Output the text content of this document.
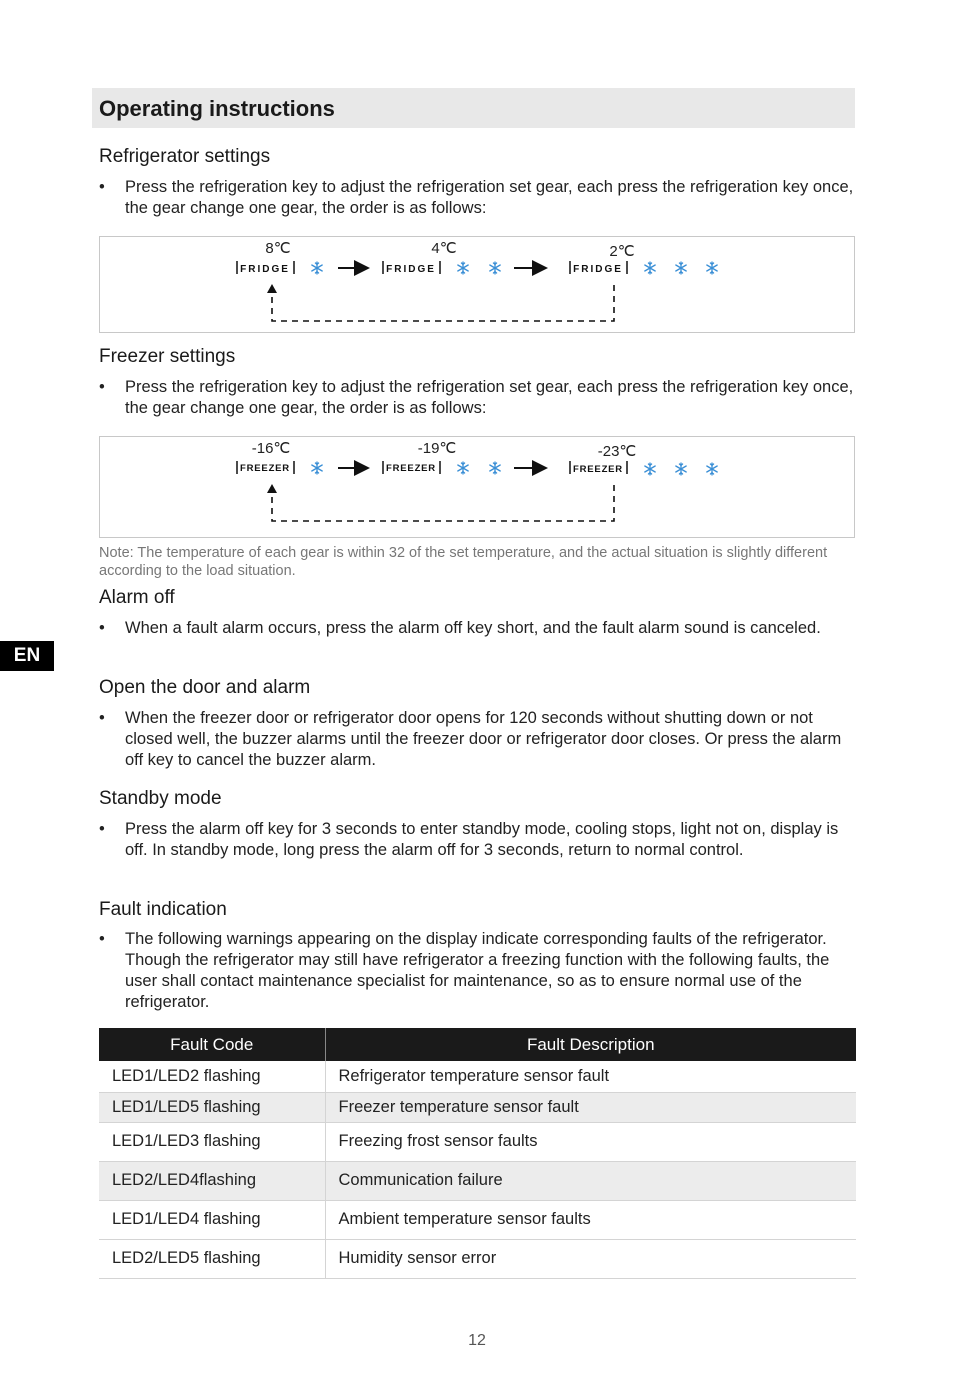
EN
Operating instructions
Refrigerator settings
• Press the refrigeration key to adjust the refrigeration set gear, each press the refrigeration key once, the gear change one gear, the order is as follows:
8℃	4℃	2℃
FRIDGE	FRIDGE	FRIDGE
Freezer settings
• Press the refrigeration key to adjust the refrigeration set gear, each press the refrigeration key once, the gear change one gear, the order is as follows:
-16℃	-19℃	-23℃
FREEZER	FREEZER	FREEZER
Note: The temperature of each gear is within 32 of the set temperature, and the actual situation is slightly different according to the load situation.
Alarm off
• When a fault alarm occurs, press the alarm off key short, and the fault alarm sound is canceled.
Open the door and alarm
• When the freezer door or refrigerator door opens for 120 seconds without shutting down or not closed well, the buzzer alarms until the freezer door or refrigerator door closes. Or press the alarm off key to cancel the buzzer alarm.
Standby mode
• Press the alarm off key for 3 seconds to enter standby mode, cooling stops, light not on, display is off. In standby mode, long press the alarm off for 3 seconds, return to normal control.
Fault indication
• The following warnings appearing on the display indicate corresponding faults of the refrigerator. Though the refrigerator may still have refrigerator a freezing function with the following faults, the user shall contact maintenance specialist for maintenance, so as to ensure normal use of the refrigerator.
Fault Code	Fault Description
LED1/LED2 flashing	Refrigerator temperature sensor fault
LED1/LED5 flashing	Freezer temperature sensor fault
LED1/LED3 flashing	Freezing frost sensor faults
LED2/LED4flashing	Communication failure
LED1/LED4 flashing	Ambient temperature sensor faults
LED2/LED5 flashing	Humidity sensor error
12
